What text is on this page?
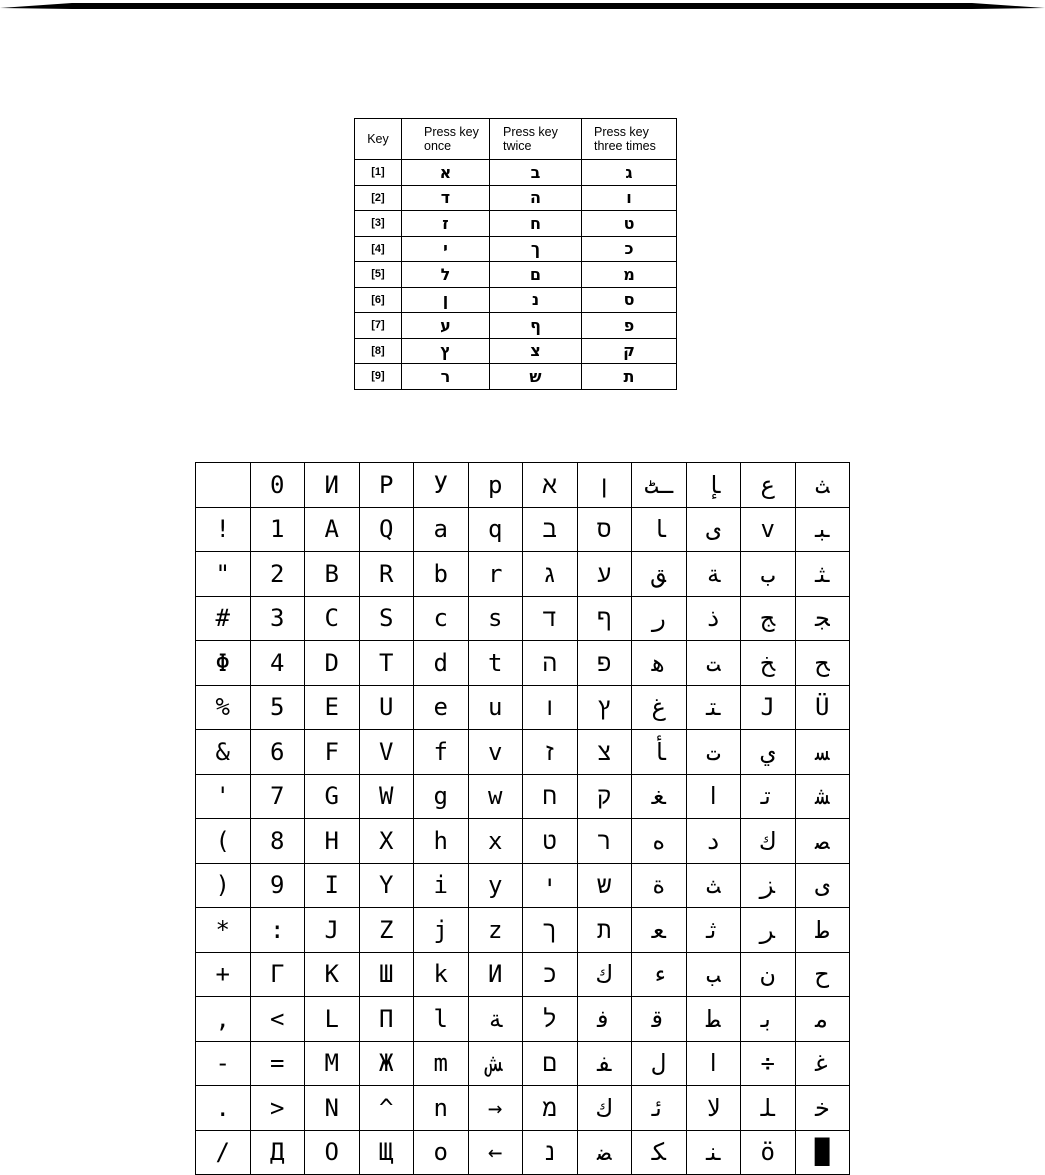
Key	Press key once	Press key twice	Press key three times
[1]	א	ב	ג
[2]	ד	ה	ו
[3]	ז	ח	ט
[4]	י	ך	כ
[5]	ל	ם	מ
[6]	ן	נ	ס
[7]	ע	ף	פ
[8]	ץ	צ	ק
[9]	ר	ש	ת
	0	И	P	У	p	א	ן	ـٹ	ﺈ	ع	ﺚ
!	1	A	Q	a	q	ב	ס	ﺎ	ﻯ	v	ﺒ
"	2	B	R	b	r	ג	ע	ﻖ	ﺔ	ب	ﺜ
#	3	C	S	c	s	ד	ף	ﺭ	ﺫ	ﺞ	ﺠ
Φ	4	D	T	d	t	ה	פ	ﻫ	ﺖ	ﺦ	ﺢ
%	5	E	U	e	u	ו	ץ	ﻍ	ﺘ	J	Ü
&	6	F	V	f	v	ז	צ	ﺄ	ﺕ	ﻱ	ﺴ
'	7	G	W	g	w	ח	ק	ﻐ	ا	ﺗ	ﺸ
(	8	H	X	h	x	ט	ר	ﻩ	ﺩ	ﻙ	ﺼ
)	9	I	Y	i	y	י	ש	ﺓ	ﺚ	ﺰ	ﻯ
*	:	J	Z	j	z	ך	ת	ﻌ	ﺛ	ﺮ	ﻁ
+	Γ	K	Ш	k	И	כ	ﻙ	ﺀ	ﺐ	ن	ﺡ
,	<	L	Π	l	ﺔ	ל	ﻓ	ﻗ	ﻄ	ﺑ	ﻣ
-	=	M	Ж	m	ﺶ	ם	ﻔ	ﻝ	ا	÷	ﻏ
.	>	N	^	n	→	מ	ﻙ	ﺋ	ﻻ	ﻠ	ﺧ
/	Д	O	Щ	o	←	נ	ﻀ	ﻜ	ﻨ	ö	█
